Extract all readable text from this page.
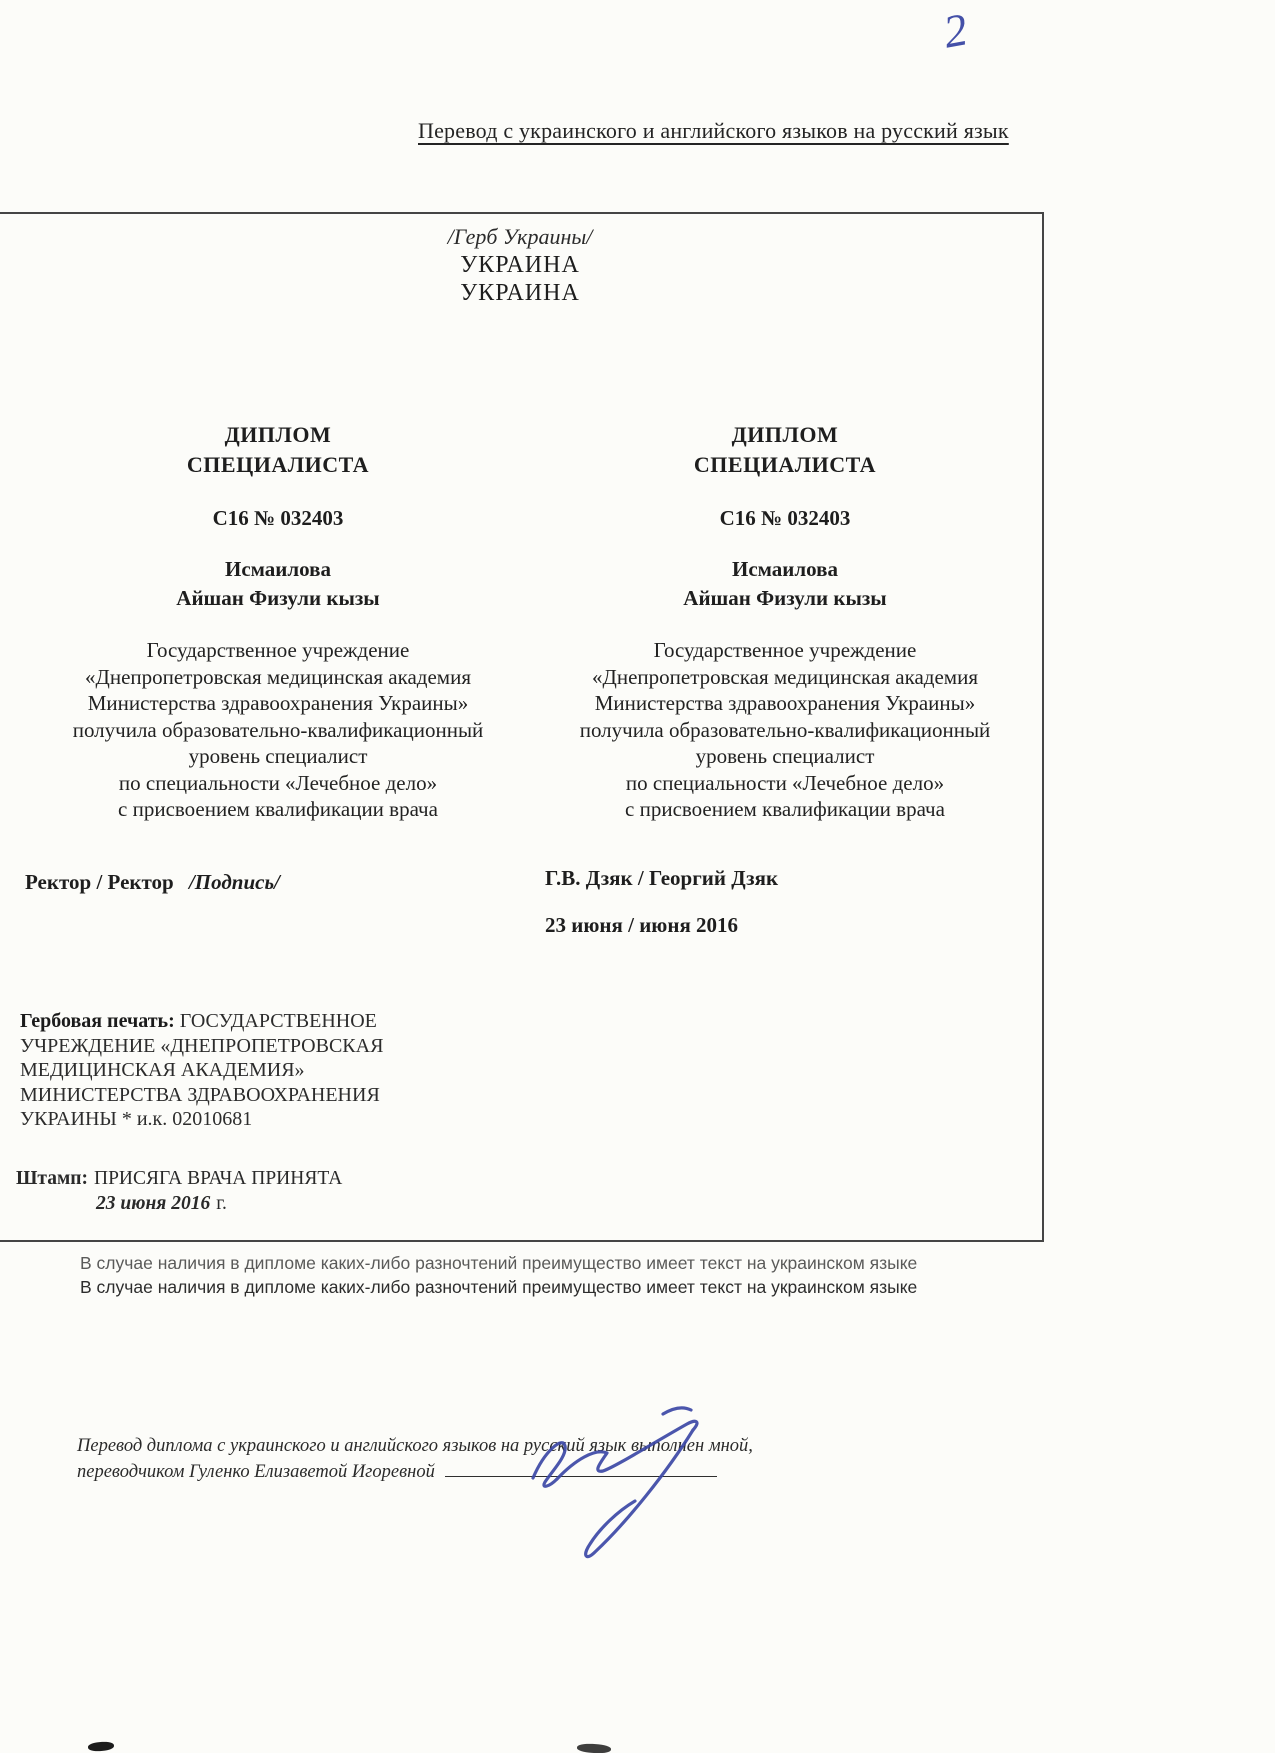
2
Перевод с украинского и английского языков на русский язык
/Герб Украины/
УКРАИНА
УКРАИНА
ДИПЛОМ
СПЕЦИАЛИСТА
С16 № 032403
Исмаилова
Айшан Физули кызы
Государственное учреждение
«Днепропетровская медицинская академия
Министерства здравоохранения Украины»
получила образовательно-квалификационный
уровень специалист
по специальности «Лечебное дело»
с присвоением квалификации врача
Ректор / Ректор /Подпись/
ДИПЛОМ
СПЕЦИАЛИСТА
С16 № 032403
Исмаилова
Айшан Физули кызы
Государственное учреждение
«Днепропетровская медицинская академия
Министерства здравоохранения Украины»
получила образовательно-квалификационный
уровень специалист
по специальности «Лечебное дело»
с присвоением квалификации врача
Г.В. Дзяк / Георгий Дзяк
23 июня / июня 2016
Гербовая печать: ГОСУДАРСТВЕННОЕ УЧРЕЖДЕНИЕ «ДНЕПРОПЕТРОВСКАЯ МЕДИЦИНСКАЯ АКАДЕМИЯ» МИНИСТЕРСТВА ЗДРАВООХРАНЕНИЯ УКРАИНЫ * и.к. 02010681
Штамп: ПРИСЯГА ВРАЧА ПРИНЯТА
23 июня 2016 г.
В случае наличия в дипломе каких-либо разночтений преимущество имеет текст на украинском языке
В случае наличия в дипломе каких-либо разночтений преимущество имеет текст на украинском языке
Перевод диплома с украинского и английского языков на русский язык выполнен мной,
переводчиком Гуленко Елизаветой Игоревной
